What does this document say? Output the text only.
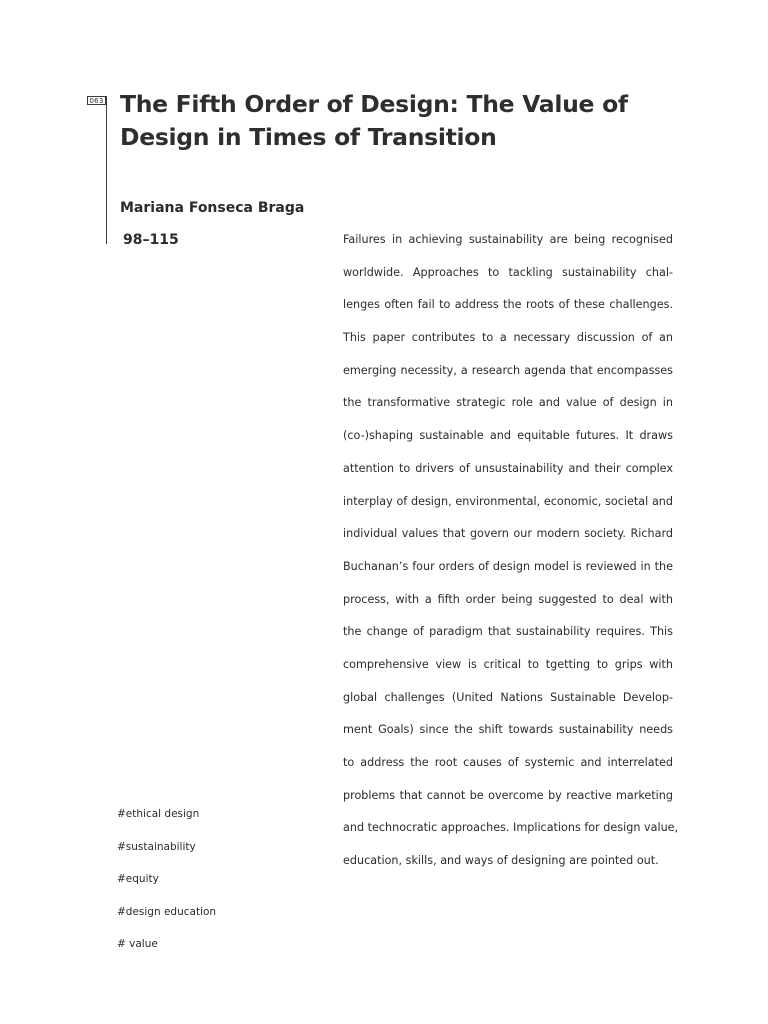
063 The Fifth Order of Design: The Value of
Design in Times of Transition
Mariana Fonseca Braga
98–115	Failures in achieving sustainability are being recognised
worldwide. Approaches to tackling sustainability chal-
lenges often fail to address the roots of these challenges.
This paper contributes to a necessary discussion of an
emerging necessity, a research agenda that encompasses
the transformative strategic role and value of design in
(co-)shaping sustainable and equitable futures. It draws
attention to drivers of unsustainability and their complex
interplay of design, environmental, economic, societal and
individual values that govern our modern society. Richard
Buchanan’s four orders of design model is reviewed in the
process, with a fifth order being suggested to deal with
the change of paradigm that sustainability requires. This
comprehensive view is critical to tgetting to grips with
global challenges (United Nations Sustainable Develop-
ment Goals) since the shift towards sustainability needs
to address the root causes of systemic and interrelated
problems that cannot be overcome by reactive marketing
and technocratic approaches. Implications for design value,
education, skills, and ways of designing are pointed out.
#ethical design
#sustainability
#equity
#design education
# value
